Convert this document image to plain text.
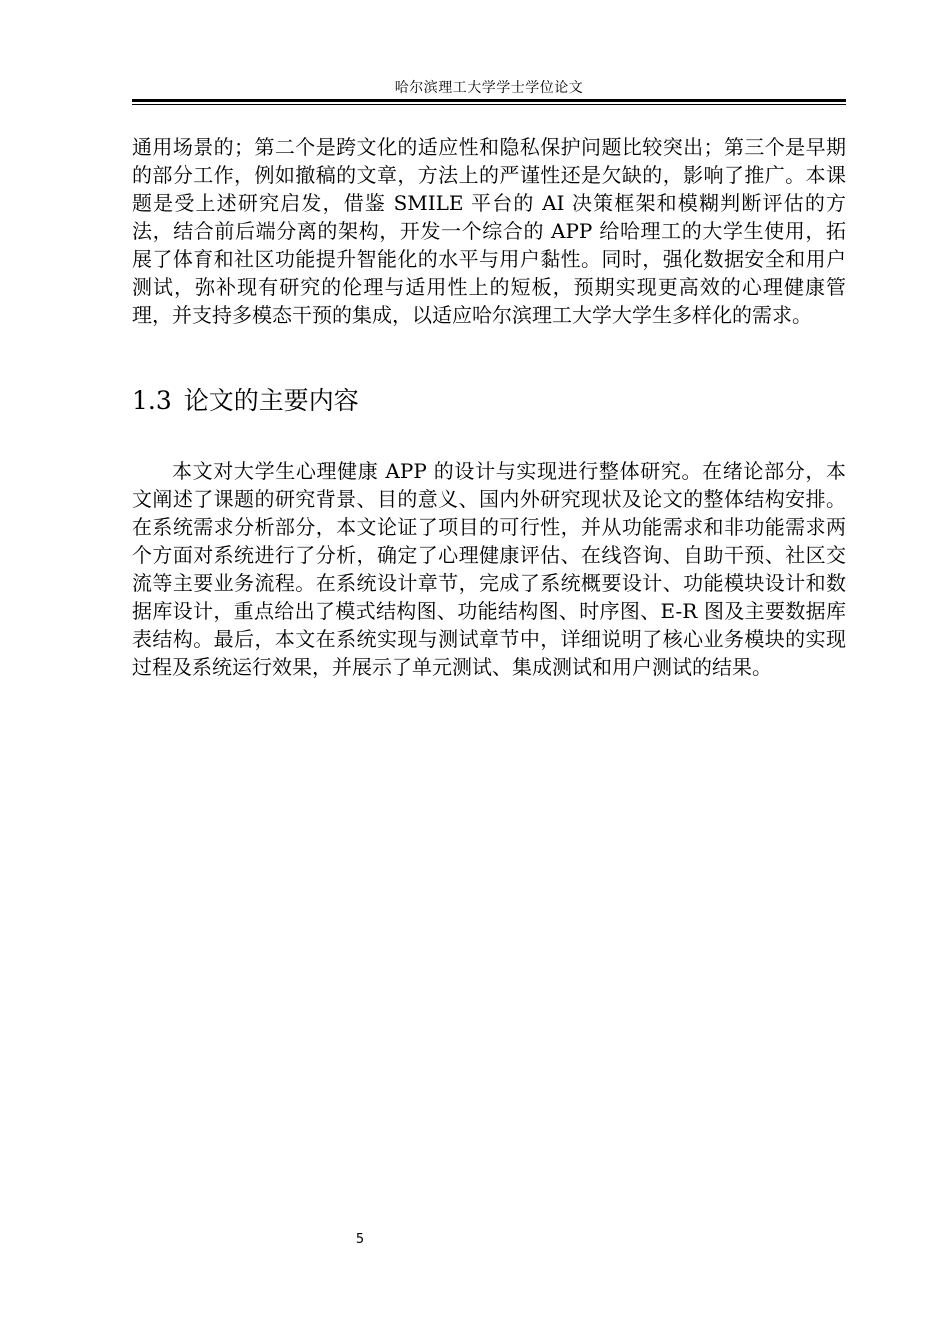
哈尔滨理工大学学士学位论文

通用场景的；第二个是跨文化的适应性和隐私保护问题比较突出；第三个是早期的部分工作，例如撤稿的文章，方法上的严谨性还是欠缺的，影响了推广。本课题是受上述研究启发，借鉴 SMILE 平台的 AI 决策框架和模糊判断评估的方法，结合前后端分离的架构，开发一个综合的 APP 给哈理工的大学生使用，拓展了体育和社区功能提升智能化的水平与用户黏性。同时，强化数据安全和用户测试，弥补现有研究的伦理与适用性上的短板，预期实现更高效的心理健康管理，并支持多模态干预的集成，以适应哈尔滨理工大学大学生多样化的需求。

1.3 论文的主要内容

本文对大学生心理健康 APP 的设计与实现进行整体研究。在绪论部分，本文阐述了课题的研究背景、目的意义、国内外研究现状及论文的整体结构安排。在系统需求分析部分，本文论证了项目的可行性，并从功能需求和非功能需求两个方面对系统进行了分析，确定了心理健康评估、在线咨询、自助干预、社区交流等主要业务流程。在系统设计章节，完成了系统概要设计、功能模块设计和数据库设计，重点给出了模式结构图、功能结构图、时序图、E-R 图及主要数据库表结构。最后，本文在系统实现与测试章节中，详细说明了核心业务模块的实现过程及系统运行效果，并展示了单元测试、集成测试和用户测试的结果。

5
